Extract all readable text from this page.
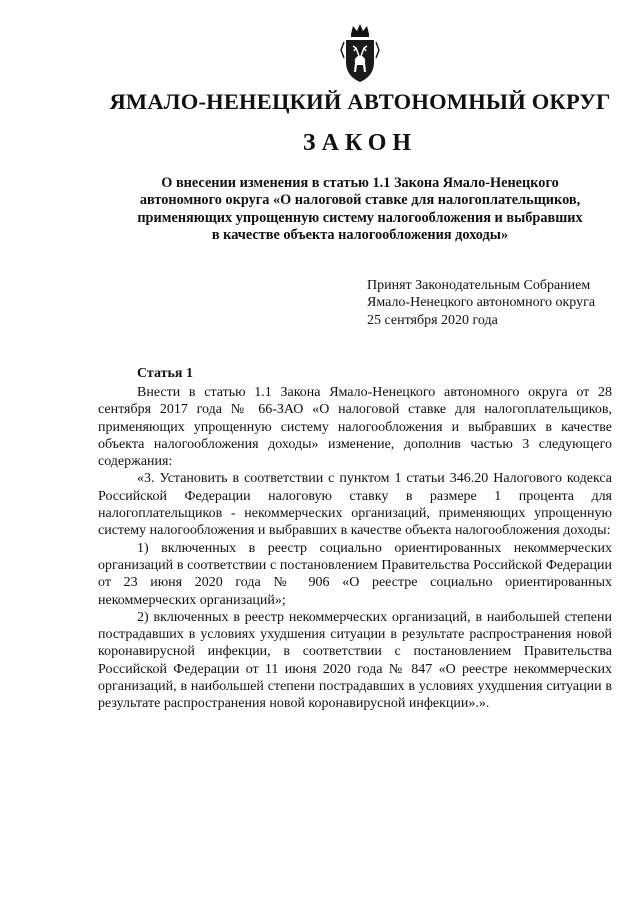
ЯМАЛО-НЕНЕЦКИЙ АВТОНОМНЫЙ ОКРУГ
ЗАКОН
О внесении изменения в статью 1.1 Закона Ямало-Ненецкого
автономного округа «О налоговой ставке для налогоплательщиков,
применяющих упрощенную систему налогообложения и выбравших
в качестве объекта налогообложения доходы»
Принят Законодательным Собранием
Ямало-Ненецкого автономного округа
25 сентября 2020 года
Статья 1

Внести в статью 1.1 Закона Ямало-Ненецкого автономного округа от 28 сентября 2017 года № 66-ЗАО «О налоговой ставке для налогоплательщиков, применяющих упрощенную систему налогообложения и выбравших в качестве объекта налогообложения доходы» изменение, дополнив частью 3 следующего содержания:

«3. Установить в соответствии с пунктом 1 статьи 346.20 Налогового кодекса Российской Федерации налоговую ставку в размере 1 процента для налогоплательщиков - некоммерческих организаций, применяющих упрощенную систему налогообложения и выбравших в качестве объекта налогообложения доходы:

1) включенных в реестр социально ориентированных некоммерческих организаций в соответствии с постановлением Правительства Российской Федерации от 23 июня 2020 года № 906 «О реестре социально ориентированных некоммерческих организаций»;

2) включенных в реестр некоммерческих организаций, в наибольшей степени пострадавших в условиях ухудшения ситуации в результате распространения новой коронавирусной инфекции, в соответствии с постановлением Правительства Российской Федерации от 11 июня 2020 года № 847 «О реестре некоммерческих организаций, в наибольшей степени пострадавших в условиях ухудшения ситуации в результате распространения новой коронавирусной инфекции».».
